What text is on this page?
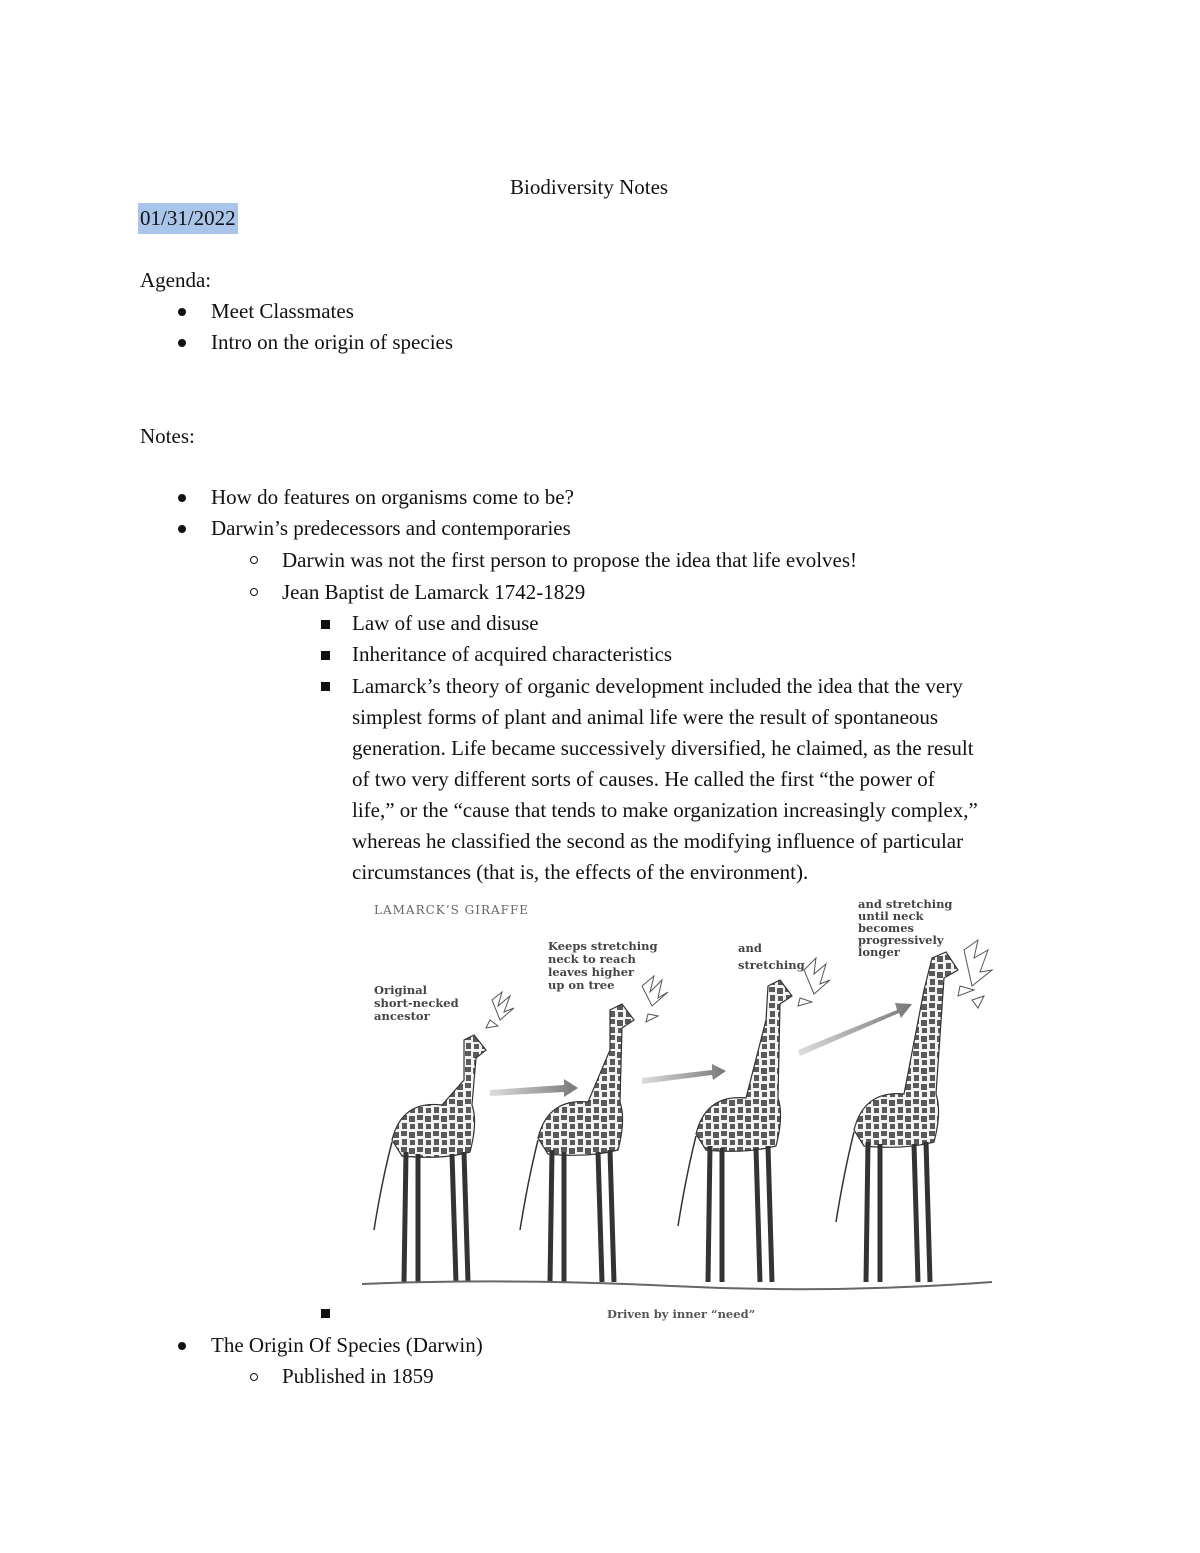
Biodiversity Notes
01/31/2022
Agenda:
Meet Classmates
Intro on the origin of species
Notes:
How do features on organisms come to be?
Darwin’s predecessors and contemporaries
Darwin was not the first person to propose the idea that life evolves!
Jean Baptist de Lamarck 1742-1829
Law of use and disuse
Inheritance of acquired characteristics
Lamarck’s theory of organic development included the idea that the very
simplest forms of plant and animal life were the result of spontaneous
generation. Life became successively diversified, he claimed, as the result
of two very different sorts of causes. He called the first “the power of
life,” or the “cause that tends to make organization increasingly complex,”
whereas he classified the second as the modifying influence of particular
circumstances (that is, the effects of the environment).
LAMARCK’S GIRAFFE
Original short-necked ancestor
Keeps stretching neck to reach leaves higher up on tree
and stretching
and stretching until neck becomes progressively longer
Driven by inner “need”
The Origin Of Species (Darwin)
Published in 1859
